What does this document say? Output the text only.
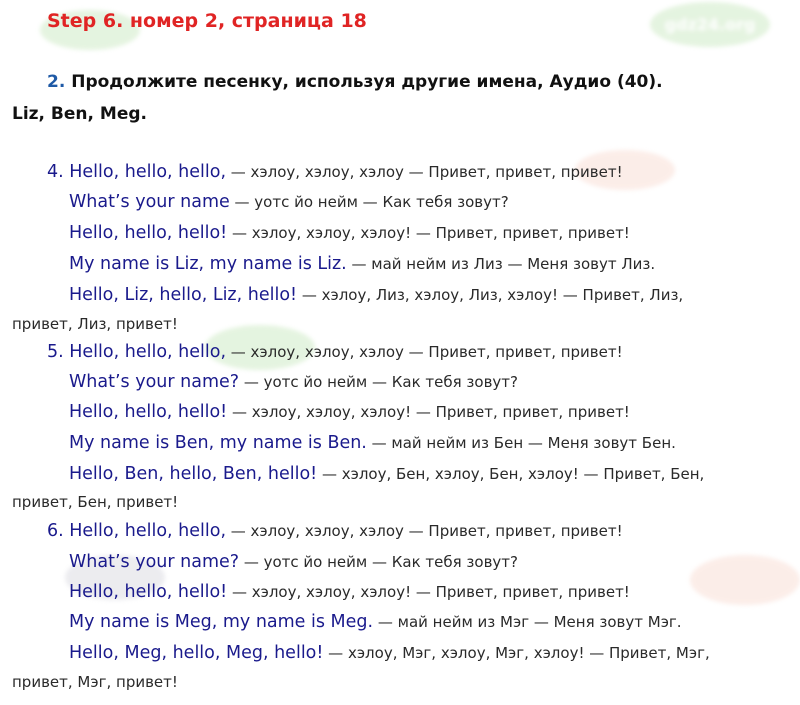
gdz24.org
Step 6. номер 2, страница 18
2. Продолжите песенку, используя другие имена, Аудио (40).
Liz, Ben, Meg.
4. Hello, hello, hello, — хэлоу, хэлоу, хэлоу — Привет, привет, привет!
What’s your name — уотс йо нейм — Как тебя зовут?
Hello, hello, hello! — хэлоу, хэлоу, хэлоу! — Привет, привет, привет!
My name is Liz, my name is Liz. — май нейм из Лиз — Меня зовут Лиз.
Hello, Liz, hello, Liz, hello! — хэлоу, Лиз, хэлоу, Лиз, хэлоу! — Привет, Лиз,
привет, Лиз, привет!
5. Hello, hello, hello, — хэлоу, хэлоу, хэлоу — Привет, привет, привет!
What’s your name? — уотс йо нейм — Как тебя зовут?
Hello, hello, hello! — хэлоу, хэлоу, хэлоу! — Привет, привет, привет!
My name is Ben, my name is Ben. — май нейм из Бен — Меня зовут Бен.
Hello, Ben, hello, Ben, hello! — хэлоу, Бен, хэлоу, Бен, хэлоу! — Привет, Бен,
привет, Бен, привет!
6. Hello, hello, hello, — хэлоу, хэлоу, хэлоу — Привет, привет, привет!
What’s your name? — уотс йо нейм — Как тебя зовут?
Hello, hello, hello! — хэлоу, хэлоу, хэлоу! — Привет, привет, привет!
My name is Meg, my name is Meg. — май нейм из Мэг — Меня зовут Мэг.
Hello, Meg, hello, Meg, hello! — хэлоу, Мэг, хэлоу, Мэг, хэлоу! — Привет, Мэг,
привет, Мэг, привет!
